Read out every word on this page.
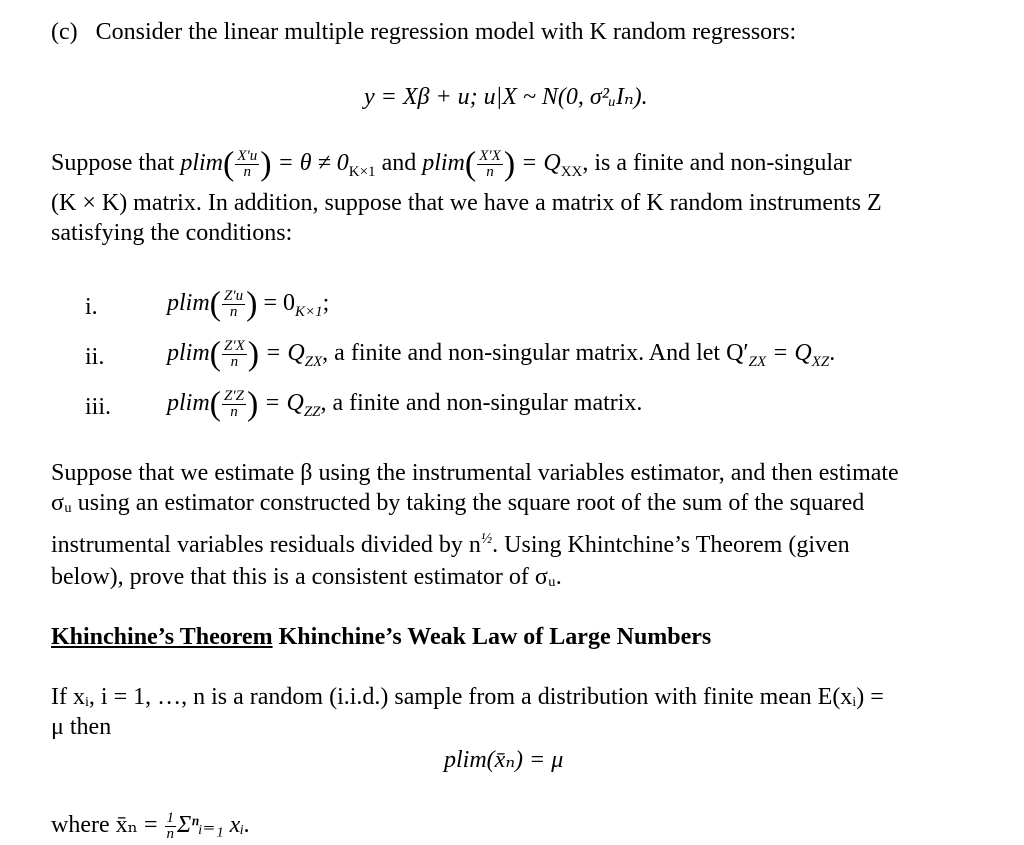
(c) Consider the linear multiple regression model with K random regressors:
y = Xβ + u; u|X ~ N(0, σ²ᵤIₙ).
Suppose that $plim( \frac{X'u}{n}$ ) = $\theta \ne 0_{K\times 1}$ and $plim( \frac{X'X}{n}$ ) = $Q_{XX}$, is a finite and non-singular
(K × K) matrix. In addition, suppose that we have a matrix of K random instruments Z
satisfying the conditions:
i.	$plim( \frac{Z'u}{n}$ ) = $0_{K\times 1}$;
ii.	$plim( \frac{Z'X}{n}$ ) = $Q_{ZX}$, a finite and non-singular matrix. And let $Q'_{ZX} = Q_{XZ}$.
iii. $plim( \frac{Z'Z}{n}$ ) = $Q_{ZZ}$, a finite and non-singular matrix.
Suppose that we estimate β using the instrumental variables estimator, and then estimate
σᵤ using an estimator constructed by taking the square root of the sum of the squared
instrumental variables residuals divided by $n^{\frac{1}{2}}$. Using Khintchine’s Theorem (given
below), prove that this is a consistent estimator of σᵤ.
Khinchine’s Theorem Khinchine’s Weak Law of Large Numbers
If xᵢ, i = 1, …, n is a random (i.i.d.) sample from a distribution with finite mean E(xᵢ) =
μ then
plim(x̄ₙ) = μ
where x̄ₙ = $\frac{1}{n}$ Σⁿᵢ₌₁ xᵢ.
